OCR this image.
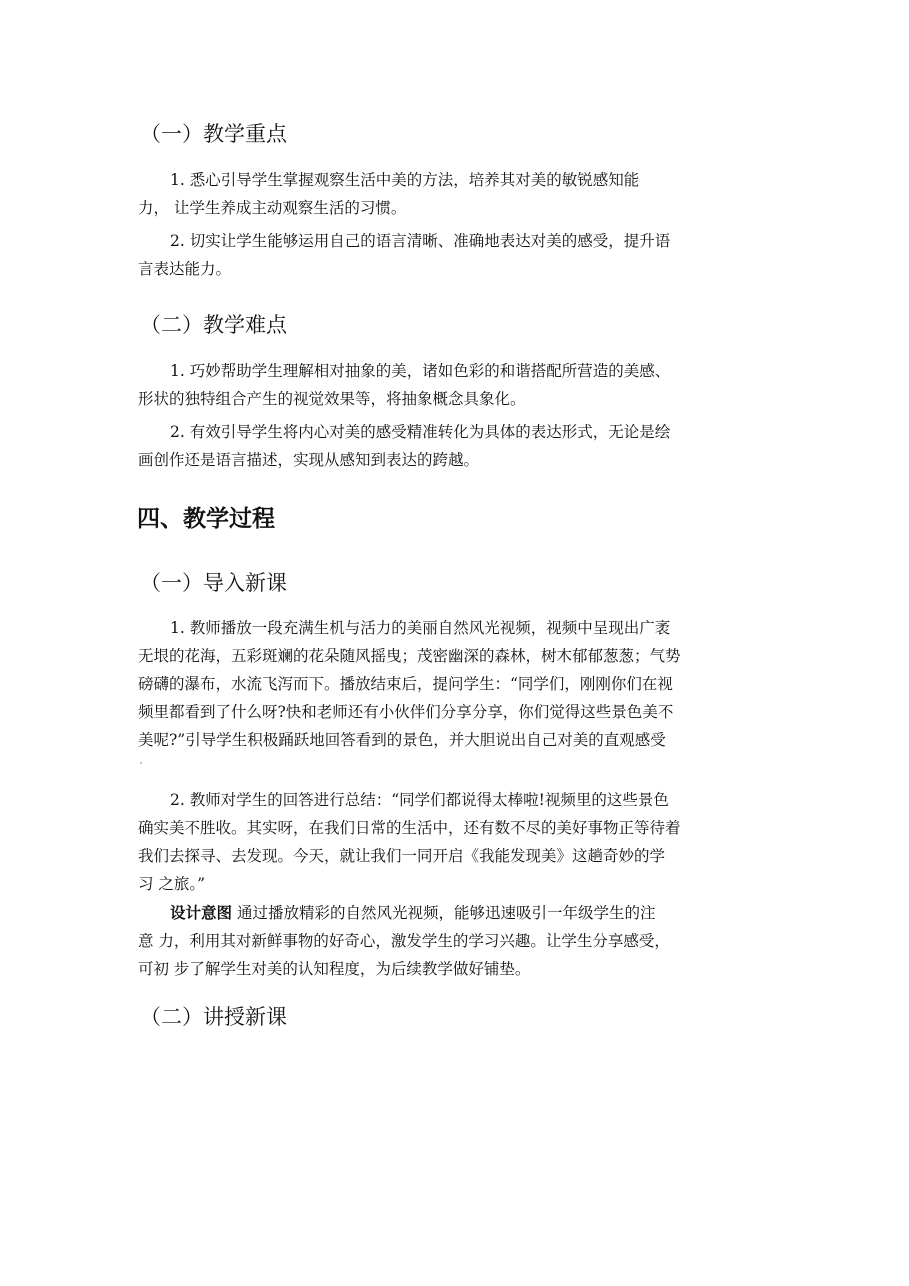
（一）教学重点

1. 悉心引导学生掌握观察生活中美的方法，培养其对美的敏锐感知能
力， 让学生养成主动观察生活的习惯。

2. 切实让学生能够运用自己的语言清晰、准确地表达对美的感受，提升语
言表达能力。

（二）教学难点

1. 巧妙帮助学生理解相对抽象的美，诸如色彩的和谐搭配所营造的美感、
形状的独特组合产生的视觉效果等，将抽象概念具象化。

2. 有效引导学生将内心对美的感受精准转化为具体的表达形式，无论是绘
画创作还是语言描述，实现从感知到表达的跨越。

四、教学过程
（一）导入新课

1. 教师播放一段充满生机与活力的美丽自然风光视频，视频中呈现出广袤
无垠的花海，五彩斑斓的花朵随风摇曳；茂密幽深的森林，树木郁郁葱葱；气势
磅礴的瀑布，水流飞泻而下。播放结束后，提问学生：“同学们，刚刚你们在视
频里都看到了什么呀?快和老师还有小伙伴们分享分享，你们觉得这些景色美不
美呢?”引导学生积极踊跃地回答看到的景色，并大胆说出自己对美的直观感受

,

2. 教师对学生的回答进行总结：“同学们都说得太棒啦!视频里的这些景色
确实美不胜收。其实呀，在我们日常的生活中，还有数不尽的美好事物正等待着
我们去探寻、去发现。今天，就让我们一同开启《我能发现美》这趟奇妙的学
习 之旅。”

设计意图 通过播放精彩的自然风光视频，能够迅速吸引一年级学生的注
意 力，利用其对新鲜事物的好奇心，激发学生的学习兴趣。让学生分享感受，
可初 步了解学生对美的认知程度，为后续教学做好铺垫。

（二）讲授新课
